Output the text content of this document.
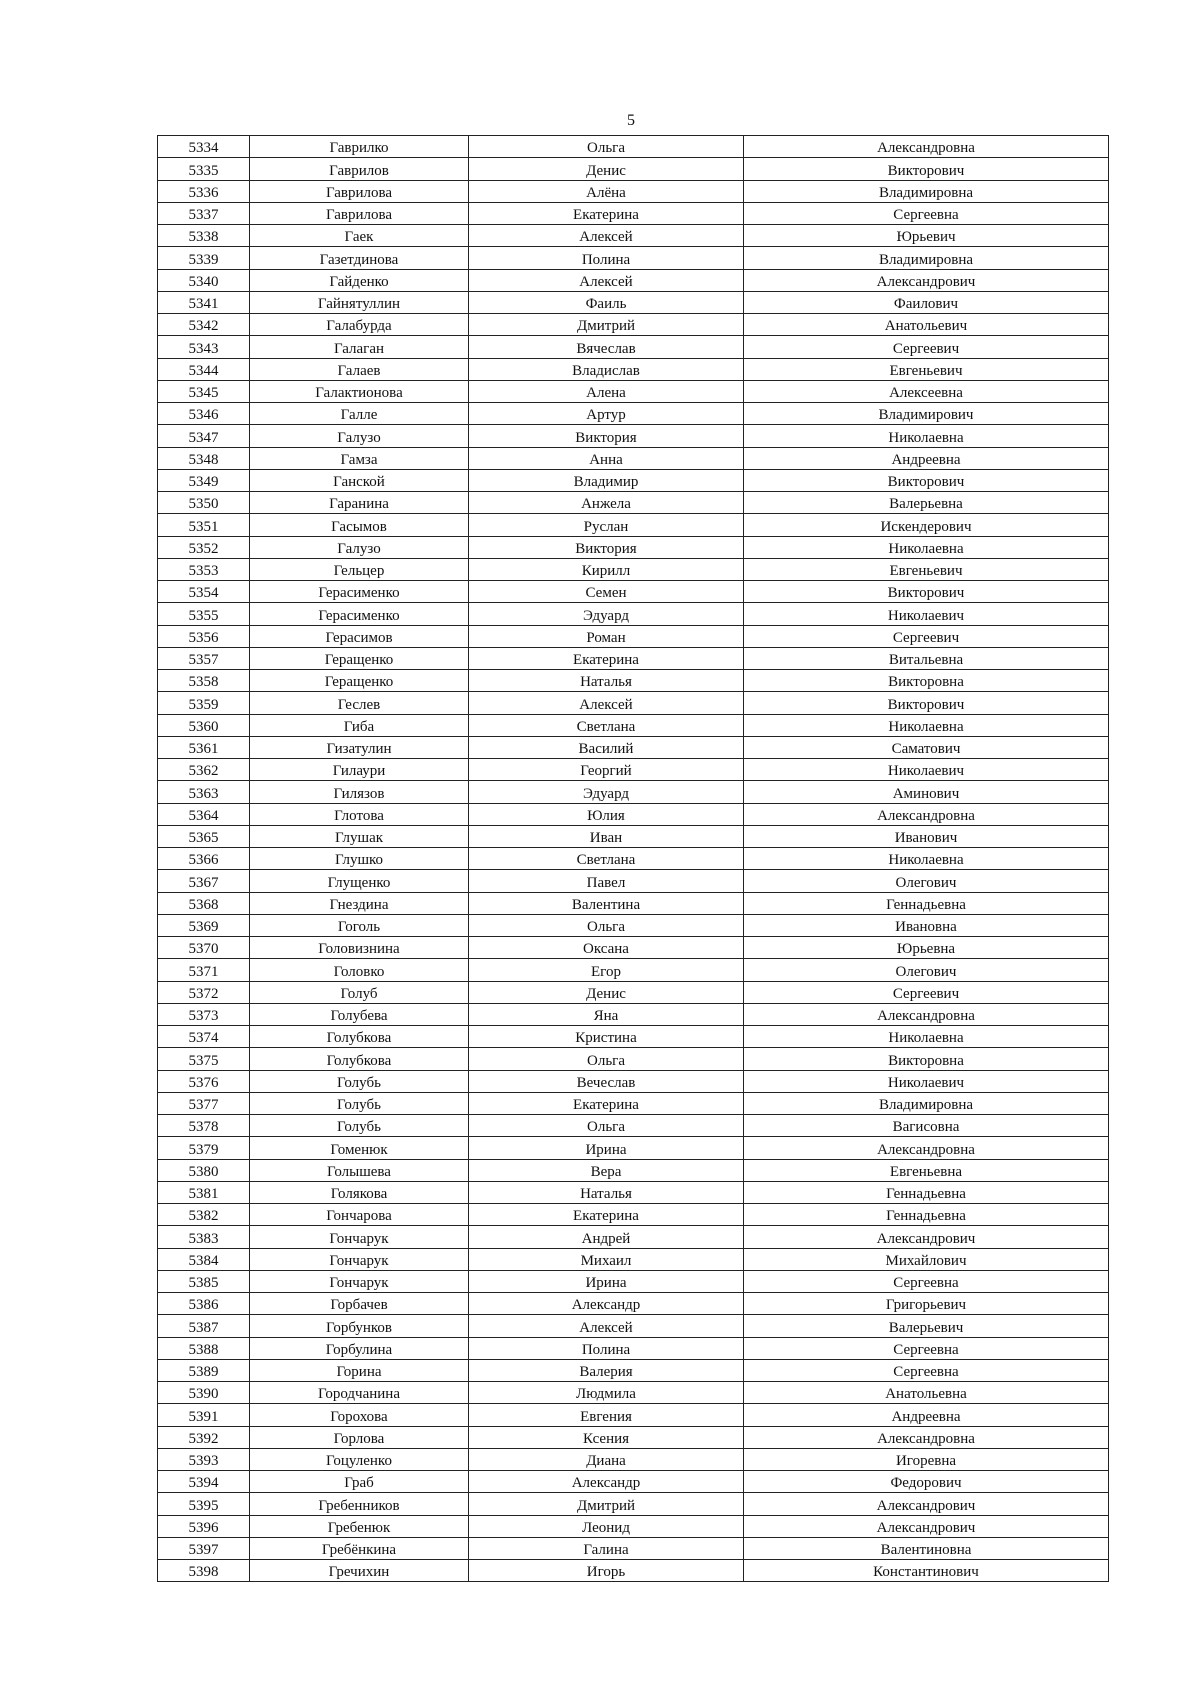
5
5334	Гаврилко	Ольга	Александровна
5335	Гаврилов	Денис	Викторович
5336	Гаврилова	Алёна	Владимировна
5337	Гаврилова	Екатерина	Сергеевна
5338	Гаек	Алексей	Юрьевич
5339	Газетдинова	Полина	Владимировна
5340	Гайденко	Алексей	Александрович
5341	Гайнятуллин	Фаиль	Фаилович
5342	Галабурда	Дмитрий	Анатольевич
5343	Галаган	Вячеслав	Сергеевич
5344	Галаев	Владислав	Евгеньевич
5345	Галактионова	Алена	Алексеевна
5346	Галле	Артур	Владимирович
5347	Галузо	Виктория	Николаевна
5348	Гамза	Анна	Андреевна
5349	Ганской	Владимир	Викторович
5350	Гаранина	Анжела	Валерьевна
5351	Гасымов	Руслан	Искендерович
5352	Галузо	Виктория	Николаевна
5353	Гельцер	Кирилл	Евгеньевич
5354	Герасименко	Семен	Викторович
5355	Герасименко	Эдуард	Николаевич
5356	Герасимов	Роман	Сергеевич
5357	Геращенко	Екатерина	Витальевна
5358	Геращенко	Наталья	Викторовна
5359	Геслев	Алексей	Викторович
5360	Гиба	Светлана	Николаевна
5361	Гизатулин	Василий	Саматович
5362	Гилаури	Георгий	Николаевич
5363	Гилязов	Эдуард	Аминович
5364	Глотова	Юлия	Александровна
5365	Глушак	Иван	Иванович
5366	Глушко	Светлана	Николаевна
5367	Глущенко	Павел	Олегович
5368	Гнездина	Валентина	Геннадьевна
5369	Гоголь	Ольга	Ивановна
5370	Головизнина	Оксана	Юрьевна
5371	Головко	Егор	Олегович
5372	Голуб	Денис	Сергеевич
5373	Голубева	Яна	Александровна
5374	Голубкова	Кристина	Николаевна
5375	Голубкова	Ольга	Викторовна
5376	Голубь	Вечеслав	Николаевич
5377	Голубь	Екатерина	Владимировна
5378	Голубь	Ольга	Вагисовна
5379	Гоменюк	Ирина	Александровна
5380	Голышева	Вера	Евгеньевна
5381	Голякова	Наталья	Геннадьевна
5382	Гончарова	Екатерина	Геннадьевна
5383	Гончарук	Андрей	Александрович
5384	Гончарук	Михаил	Михайлович
5385	Гончарук	Ирина	Сергеевна
5386	Горбачев	Александр	Григорьевич
5387	Горбунков	Алексей	Валерьевич
5388	Горбулина	Полина	Сергеевна
5389	Горина	Валерия	Сергеевна
5390	Городчанина	Людмила	Анатольевна
5391	Горохова	Евгения	Андреевна
5392	Горлова	Ксения	Александровна
5393	Гоцуленко	Диана	Игоревна
5394	Граб	Александр	Федорович
5395	Гребенников	Дмитрий	Александрович
5396	Гребенюк	Леонид	Александрович
5397	Гребёнкина	Галина	Валентиновна
5398	Гречихин	Игорь	Константинович
